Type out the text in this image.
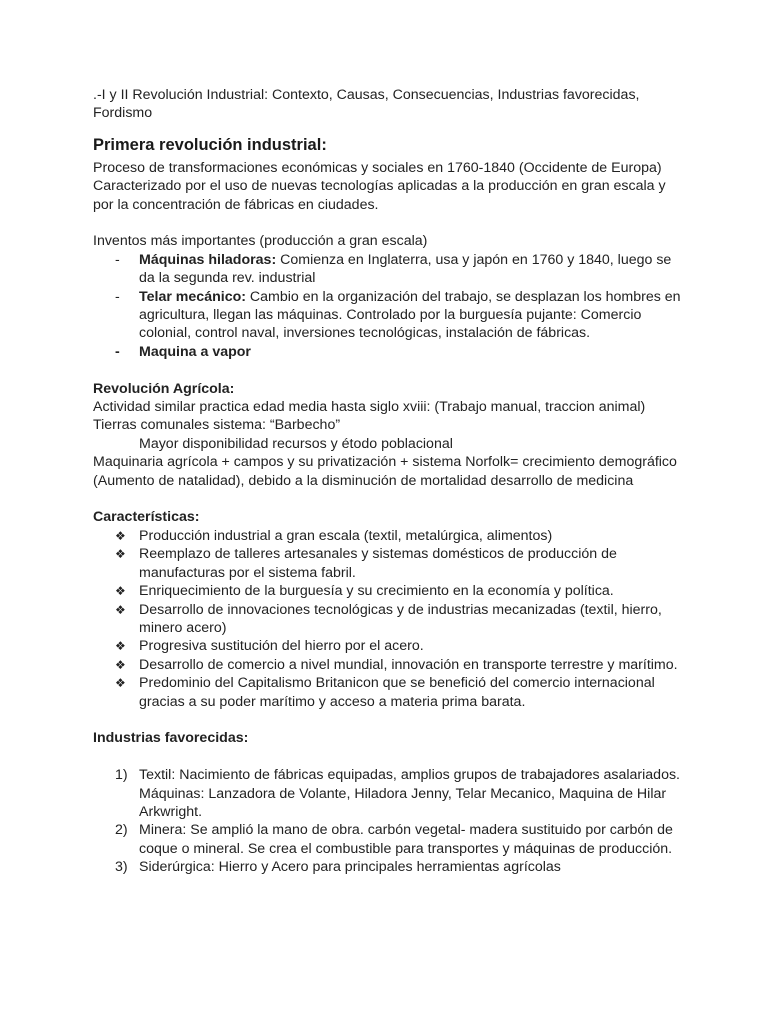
.-I y II Revolución Industrial: Contexto, Causas, Consecuencias, Industrias favorecidas, Fordismo

Primera revolución industrial:

Proceso de transformaciones económicas y sociales en 1760-1840 (Occidente de Europa) Caracterizado por el uso de nuevas tecnologías aplicadas a la producción en gran escala y por la concentración de fábricas en ciudades.

Inventos más importantes (producción a gran escala)

- Máquinas hiladoras: Comienza en Inglaterra, usa y japón en 1760 y 1840, luego se da la segunda rev. industrial
- Telar mecánico: Cambio en la organización del trabajo, se desplazan los hombres en agricultura, llegan las máquinas. Controlado por la burguesía pujante: Comercio colonial, control naval, inversiones tecnológicas, instalación de fábricas.
- Maquina a vapor

Revolución Agrícola:

Actividad similar practica edad media hasta siglo xviii: (Trabajo manual, traccion animal)

Tierras comunales sistema: “Barbecho”

Mayor disponibilidad recursos y étodo poblacional

Maquinaria agrícola + campos y su privatización + sistema Norfolk= crecimiento demográfico (Aumento de natalidad), debido a la disminución de mortalidad desarrollo de medicina

Características:

❖ Producción industrial a gran escala (textil, metalúrgica, alimentos)
❖ Reemplazo de talleres artesanales y sistemas domésticos de producción de manufacturas por el sistema fabril.
❖ Enriquecimiento de la burguesía y su crecimiento en la economía y política.
❖ Desarrollo de innovaciones tecnológicas y de industrias mecanizadas (textil, hierro, minero acero)
❖ Progresiva sustitución del hierro por el acero.
❖ Desarrollo de comercio a nivel mundial, innovación en transporte terrestre y marítimo.
❖ Predominio del Capitalismo Britanicon que se benefició del comercio internacional gracias a su poder marítimo y acceso a materia prima barata.

Industrias favorecidas:

1) Textil: Nacimiento de fábricas equipadas, amplios grupos de trabajadores asalariados. Máquinas: Lanzadora de Volante, Hiladora Jenny, Telar Mecanico, Maquina de Hilar Arkwright.
2) Minera: Se amplió la mano de obra. carbón vegetal- madera sustituido por carbón de coque o mineral. Se crea el combustible para transportes y máquinas de producción.
3) Siderúrgica: Hierro y Acero para principales herramientas agrícolas
